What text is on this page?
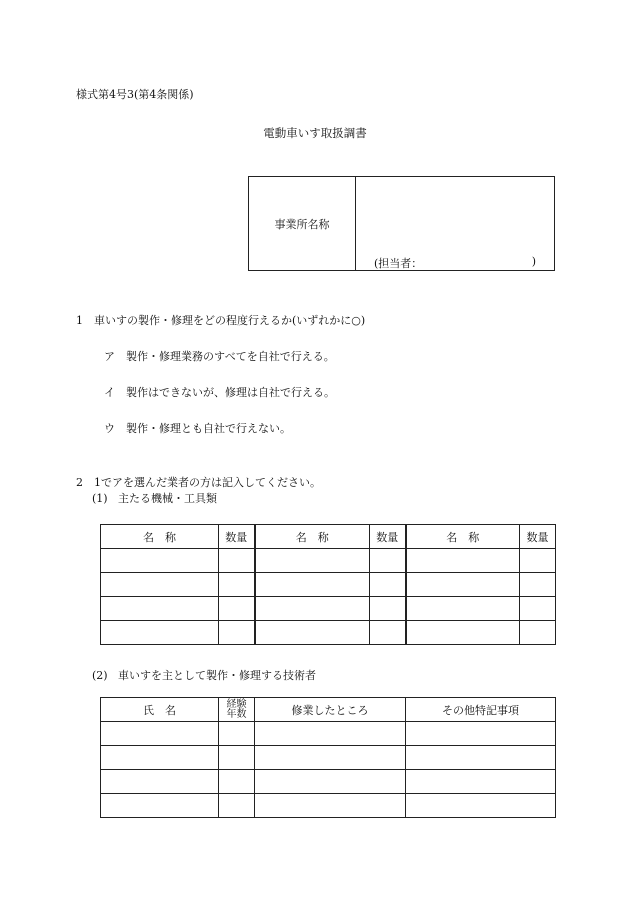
様式第4号3(第4条関係)
電動車いす取扱調書
事業所名称
(担当者：	)
1　車いすの製作・修理をどの程度行えるか(いずれかに○)
ア 製作・修理業務のすべてを自社で行える。
イ 製作はできないが、修理は自社で行える。
ウ 製作・修理とも自社で行えない。
2　1でアを選んだ業者の方は記入してください。
(1) 主たる機械・工具類
名　称	数量	名　称	数量	名　称	数量

(2) 車いすを主として製作・修理する技術者
氏　名	経験
年数	修業したところ	その他特記事項
